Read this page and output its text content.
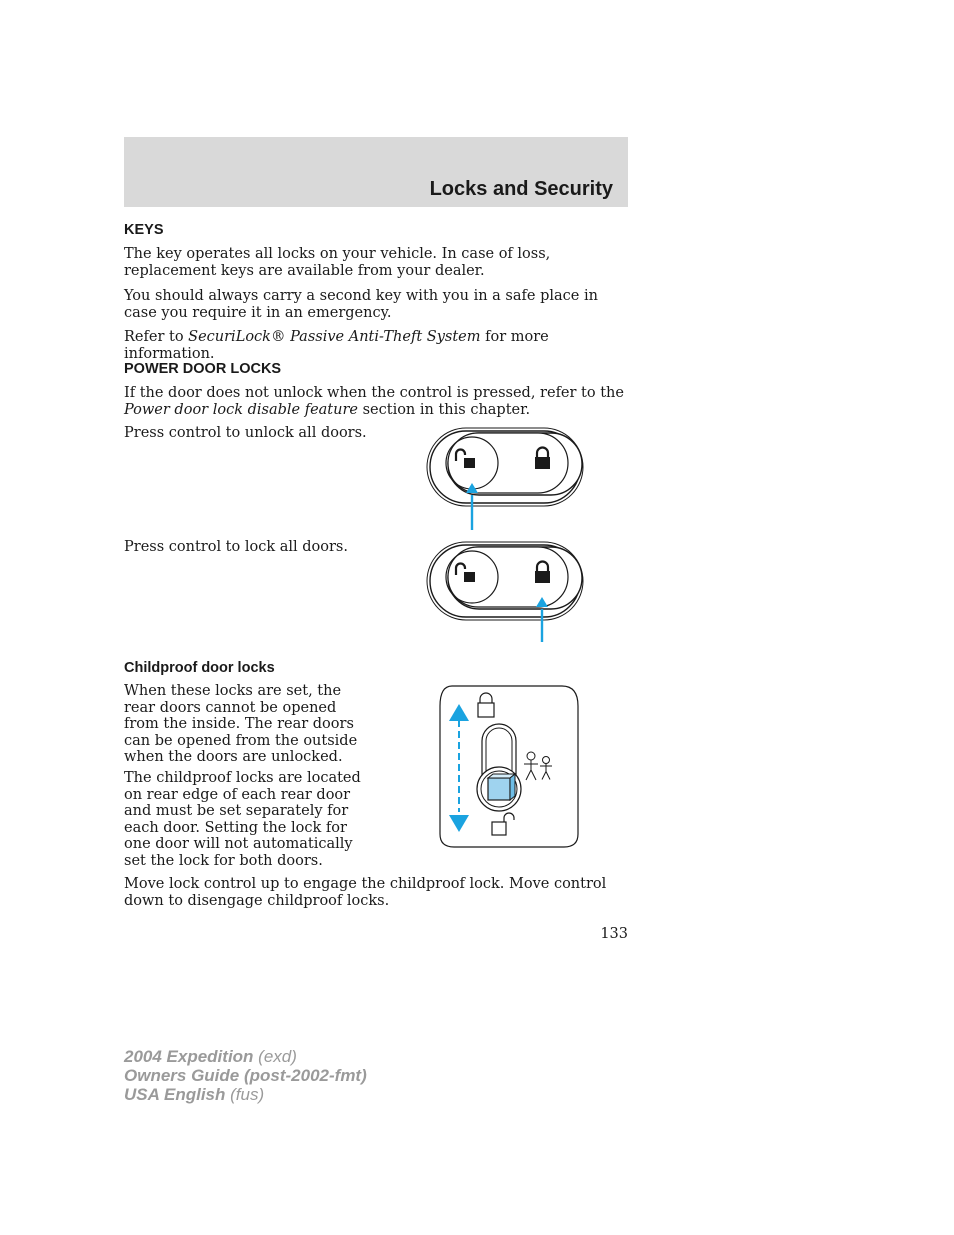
Locks and Security
KEYS
The key operates all locks on your vehicle. In case of loss, replacement keys are available from your dealer.
You should always carry a second key with you in a safe place in case you require it in an emergency.
Refer to SecuriLock® Passive Anti-Theft System for more information.
POWER DOOR LOCKS
If the door does not unlock when the control is pressed, refer to the Power door lock disable feature section in this chapter.
Press control to unlock all doors.
Press control to lock all doors.
Childproof door locks
When these locks are set, the rear doors cannot be opened from the inside. The rear doors can be opened from the outside when the doors are unlocked.
The childproof locks are located on rear edge of each rear door and must be set separately for each door. Setting the lock for one door will not automatically set the lock for both doors.
Move lock control up to engage the childproof lock. Move control down to disengage childproof locks.
133
2004 Expedition (exd)
Owners Guide (post-2002-fmt)
USA English (fus)
